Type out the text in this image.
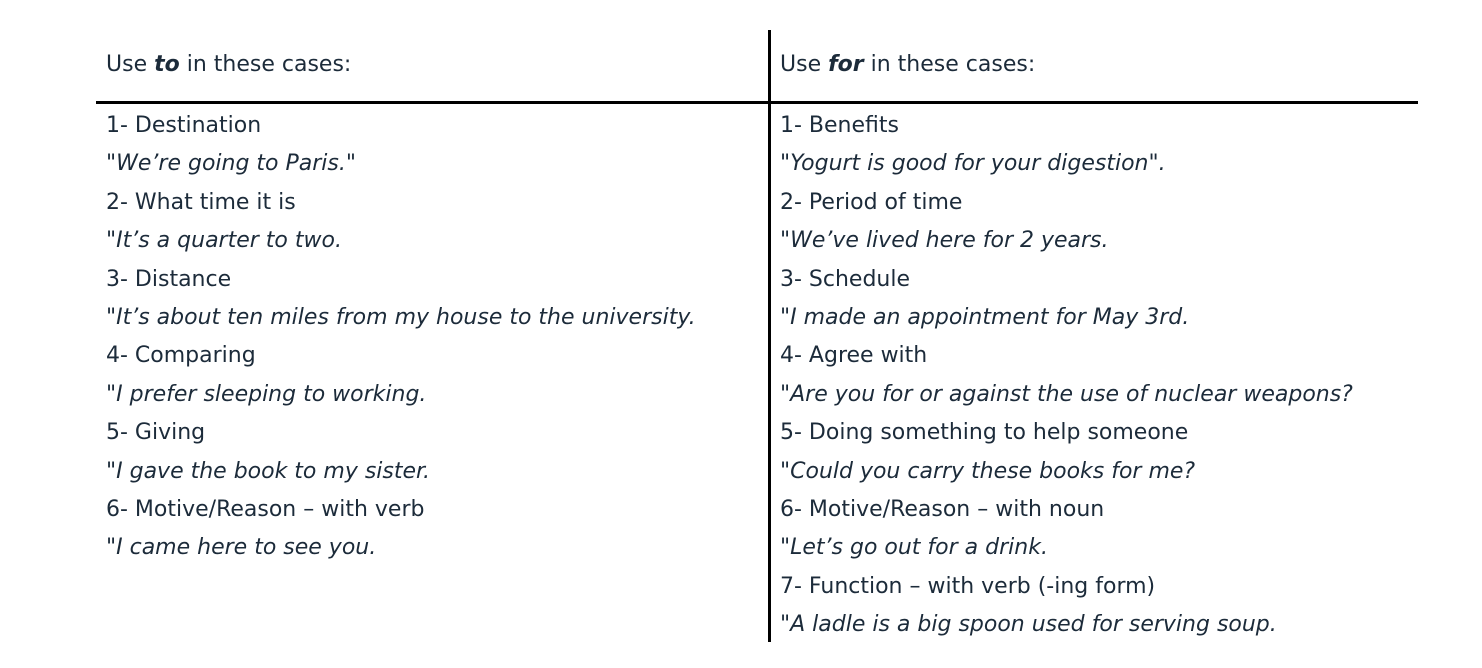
Use to in these cases:	Use for in these cases:
1- Destination
"We’re going to Paris."
2- What time it is
"It’s a quarter to two.
3- Distance
"It’s about ten miles from my house to the university.
4- Comparing
"I prefer sleeping to working.
5- Giving
"I gave the book to my sister.
6- Motive/Reason – with verb
"I came here to see you.
1- Benefits
"Yogurt is good for your digestion".
2- Period of time
"We’ve lived here for 2 years.
3- Schedule
"I made an appointment for May 3rd.
4- Agree with
"Are you for or against the use of nuclear weapons?
5- Doing something to help someone
"Could you carry these books for me?
6- Motive/Reason – with noun
"Let’s go out for a drink.
7- Function – with verb (-ing form)
"A ladle is a big spoon used for serving soup.
